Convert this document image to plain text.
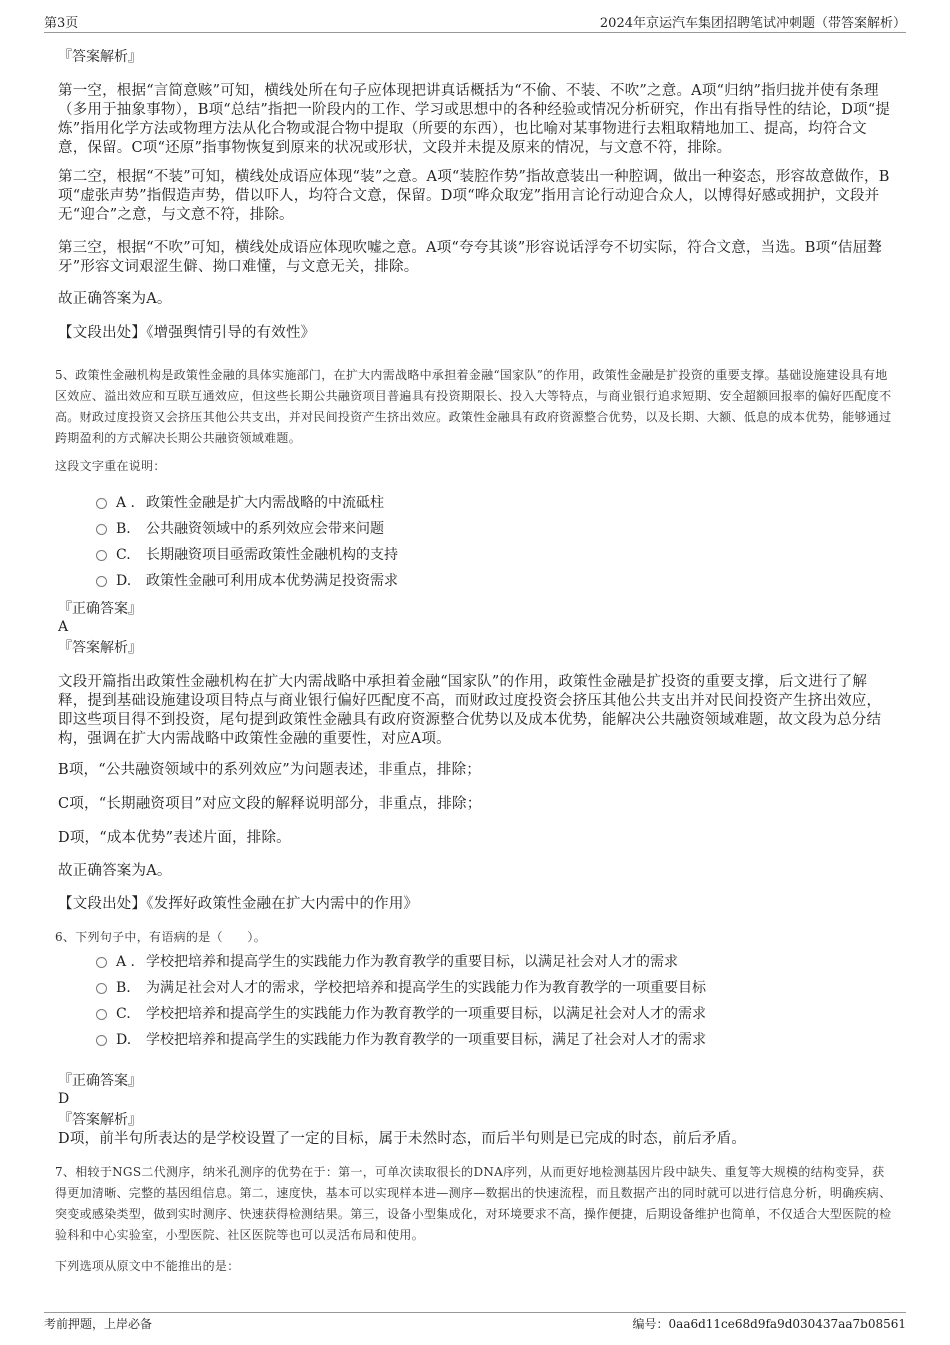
第3页	2024年京运汽车集团招聘笔试冲刺题（带答案解析）
『答案解析』
第一空，根据“言简意赅”可知，横线处所在句子应体现把讲真话概括为“不偷、不装、不吹”之意。A项“归纳”指归拢并使有条理（多用于抽象事物），B项“总结”指把一阶段内的工作、学习或思想中的各种经验或情况分析研究，作出有指导性的结论，D项“提炼”指用化学方法或物理方法从化合物或混合物中提取（所要的东西），也比喻对某事物进行去粗取精地加工、提高，均符合文意，保留。C项“还原”指事物恢复到原来的状况或形状，文段并未提及原来的情况，与文意不符，排除。
第二空，根据“不装”可知，横线处成语应体现“装”之意。A项“装腔作势”指故意装出一种腔调，做出一种姿态，形容故意做作，B项“虚张声势”指假造声势，借以吓人，均符合文意，保留。D项“哗众取宠”指用言论行动迎合众人，以博得好感或拥护，文段并无“迎合”之意，与文意不符，排除。
第三空，根据“不吹”可知，横线处成语应体现吹嘘之意。A项“夸夸其谈”形容说话浮夸不切实际，符合文意，当选。B项“佶屈聱牙”形容文词艰涩生僻、拗口难懂，与文意无关，排除。
故正确答案为A。
【文段出处】《增强舆情引导的有效性》
5、政策性金融机构是政策性金融的具体实施部门，在扩大内需战略中承担着金融“国家队”的作用，政策性金融是扩投资的重要支撑。基础设施建设具有地区效应、溢出效应和互联互通效应，但这些长期公共融资项目普遍具有投资期限长、投入大等特点，与商业银行追求短期、安全超额回报率的偏好匹配度不高。财政过度投资又会挤压其他公共支出，并对民间投资产生挤出效应。政策性金融具有政府资源整合优势，以及长期、大额、低息的成本优势，能够通过跨期盈利的方式解决长期公共融资领域难题。
这段文字重在说明：
A . 政策性金融是扩大内需战略的中流砥柱
B. 公共融资领域中的系列效应会带来问题
C. 长期融资项目亟需政策性金融机构的支持
D. 政策性金融可利用成本优势满足投资需求
『正确答案』
A
『答案解析』
文段开篇指出政策性金融机构在扩大内需战略中承担着金融“国家队”的作用，政策性金融是扩投资的重要支撑，后文进行了解释，提到基础设施建设项目特点与商业银行偏好匹配度不高，而财政过度投资会挤压其他公共支出并对民间投资产生挤出效应，即这些项目得不到投资，尾句提到政策性金融具有政府资源整合优势以及成本优势，能解决公共融资领域难题，故文段为总分结构，强调在扩大内需战略中政策性金融的重要性，对应A项。
B项，“公共融资领域中的系列效应”为问题表述，非重点，排除；
C项，“长期融资项目”对应文段的解释说明部分，非重点，排除；
D项，“成本优势”表述片面，排除。
故正确答案为A。
【文段出处】《发挥好政策性金融在扩大内需中的作用》
6、下列句子中，有语病的是（　　）。
A . 学校把培养和提高学生的实践能力作为教育教学的重要目标，以满足社会对人才的需求
B. 为满足社会对人才的需求，学校把培养和提高学生的实践能力作为教育教学的一项重要目标
C. 学校把培养和提高学生的实践能力作为教育教学的一项重要目标，以满足社会对人才的需求
D. 学校把培养和提高学生的实践能力作为教育教学的一项重要目标，满足了社会对人才的需求
『正确答案』
D
『答案解析』
D项，前半句所表达的是学校设置了一定的目标，属于未然时态，而后半句则是已完成的时态，前后矛盾。
7、相较于NGS二代测序，纳米孔测序的优势在于：第一，可单次读取很长的DNA序列，从而更好地检测基因片段中缺失、重复等大规模的结构变异，获得更加清晰、完整的基因组信息。第二，速度快，基本可以实现样本进—测序—数据出的快速流程，而且数据产出的同时就可以进行信息分析，明确疾病、突变或感染类型，做到实时测序、快速获得检测结果。第三，设备小型集成化，对环境要求不高，操作便捷，后期设备维护也简单，不仅适合大型医院的检验科和中心实验室，小型医院、社区医院等也可以灵活布局和使用。
下列选项从原文中不能推出的是：
考前押题，上岸必备	编号：0aa6d11ce68d9fa9d030437aa7b08561
